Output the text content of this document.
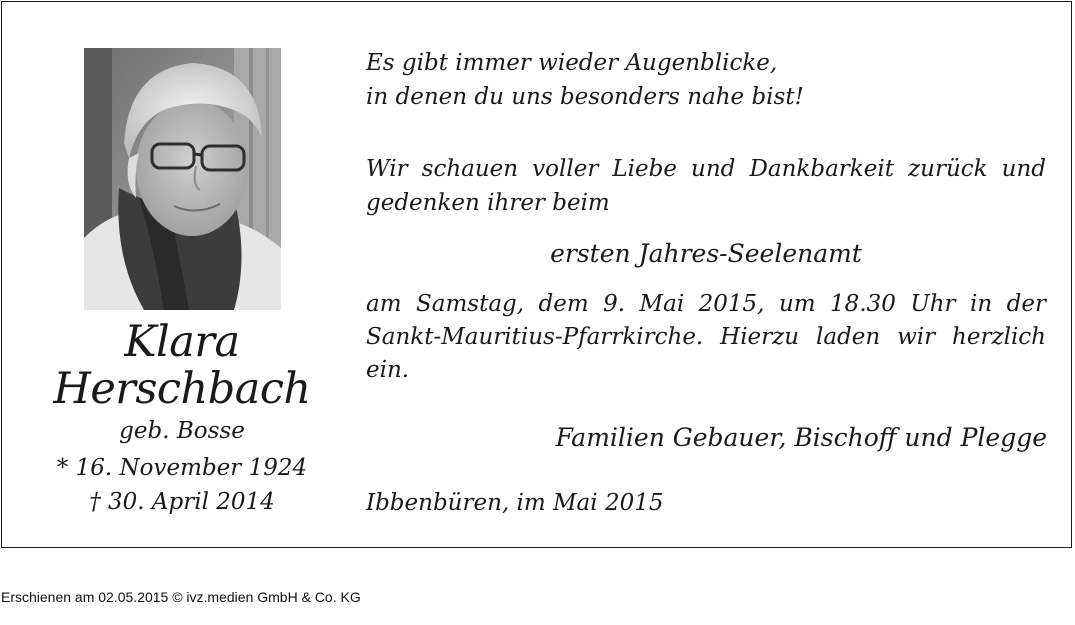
Klara
Herschbach
geb. Bosse
* 16. November 1924
† 30. April 2014

Es gibt immer wieder Augenblicke,

in denen du uns besonders nahe bist!

Wir schauen voller Liebe und Dankbarkeit zurück und

gedenken ihrer beim

ersten Jahres-Seelenamt

am Samstag, dem 9. Mai 2015, um 18.30 Uhr in der

Sankt-Mauritius-Pfarrkirche. Hierzu laden wir herzlich

ein.

Familien Gebauer, Bischoff und Plegge

Ibbenbüren, im Mai 2015

Erschienen am 02.05.2015 © ivz.medien GmbH & Co. KG
